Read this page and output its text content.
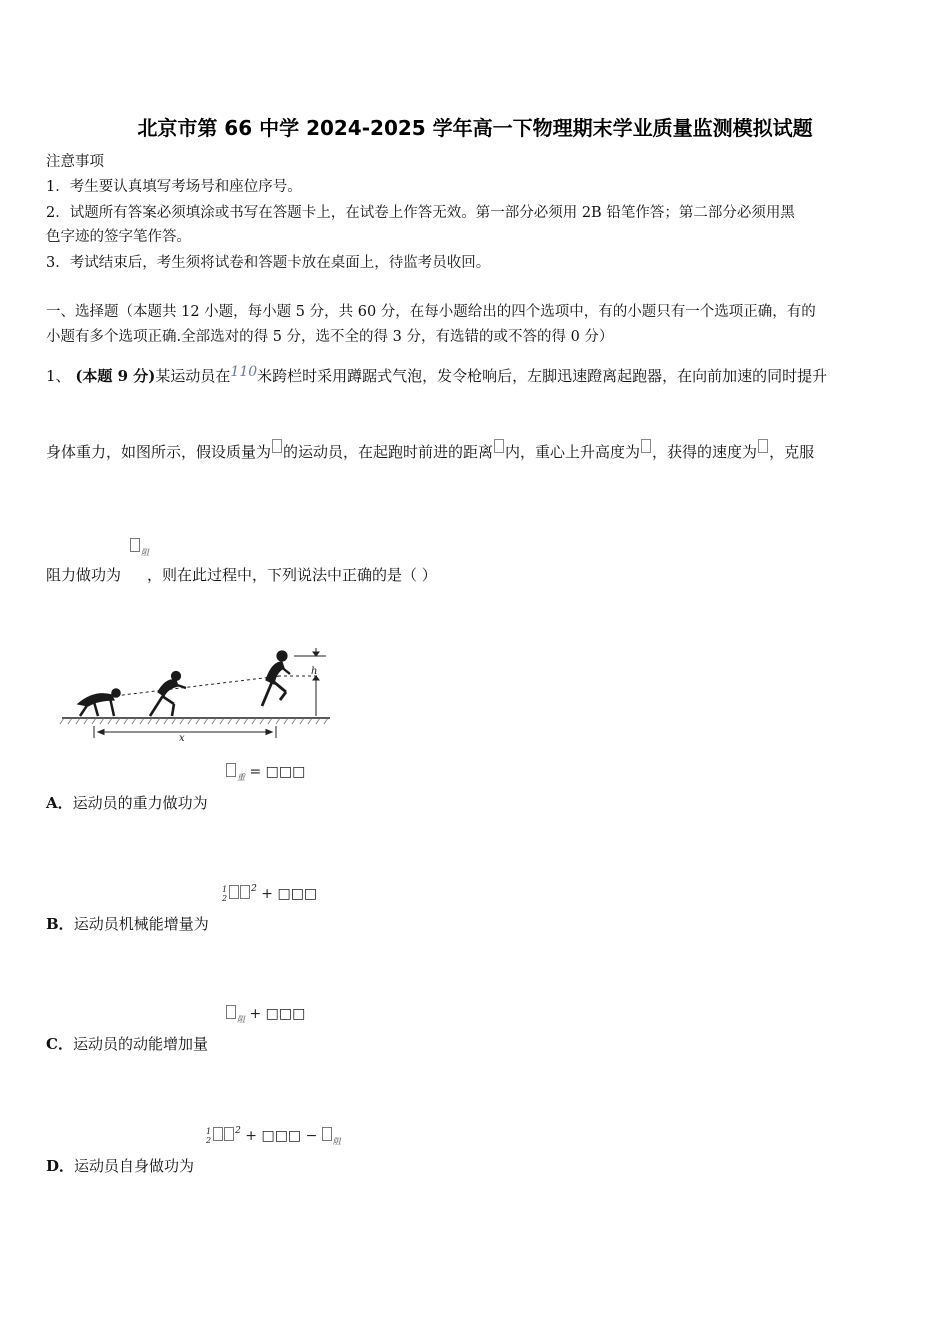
北京市第 66 中学 2024-2025 学年高一下物理期末学业质量监测模拟试题
注意事项
1．考生要认真填写考场号和座位序号。
2．试题所有答案必须填涂或书写在答题卡上，在试卷上作答无效。第一部分必须用 2B 铅笔作答；第二部分必须用黑
色字迹的签字笔作答。
3．考试结束后，考生须将试卷和答题卡放在桌面上，待监考员收回。
一、选择题（本题共 12 小题，每小题 5 分，共 60 分，在每小题给出的四个选项中，有的小题只有一个选项正确，有的
小题有多个选项正确.全部选对的得 5 分，选不全的得 3 分，有选错的或不答的得 0 分）
1、 (本题 9 分)某运动员在110米跨栏时采用蹲踞式气泡，发令枪响后，左脚迅速蹬离起跑器，在向前加速的同时提升
身体重力，如图所示，假设质量为 的运动员，在起跑时前进的距离 内，重心上升高度为 ，获得的速度为 ，克服
$_阻$
阻力做功为 ，则在此过程中，下列说法中正确的是（ ）
h
x
$_重$ = □□□
A．运动员的重力做功为
1
$2^2$ + □□□
B．运动员机械能增量为
$_阻$ + □□□
C．运动员的动能增加量
1
$2^2$ + □□□ − $_阻$
D．运动员自身做功为
